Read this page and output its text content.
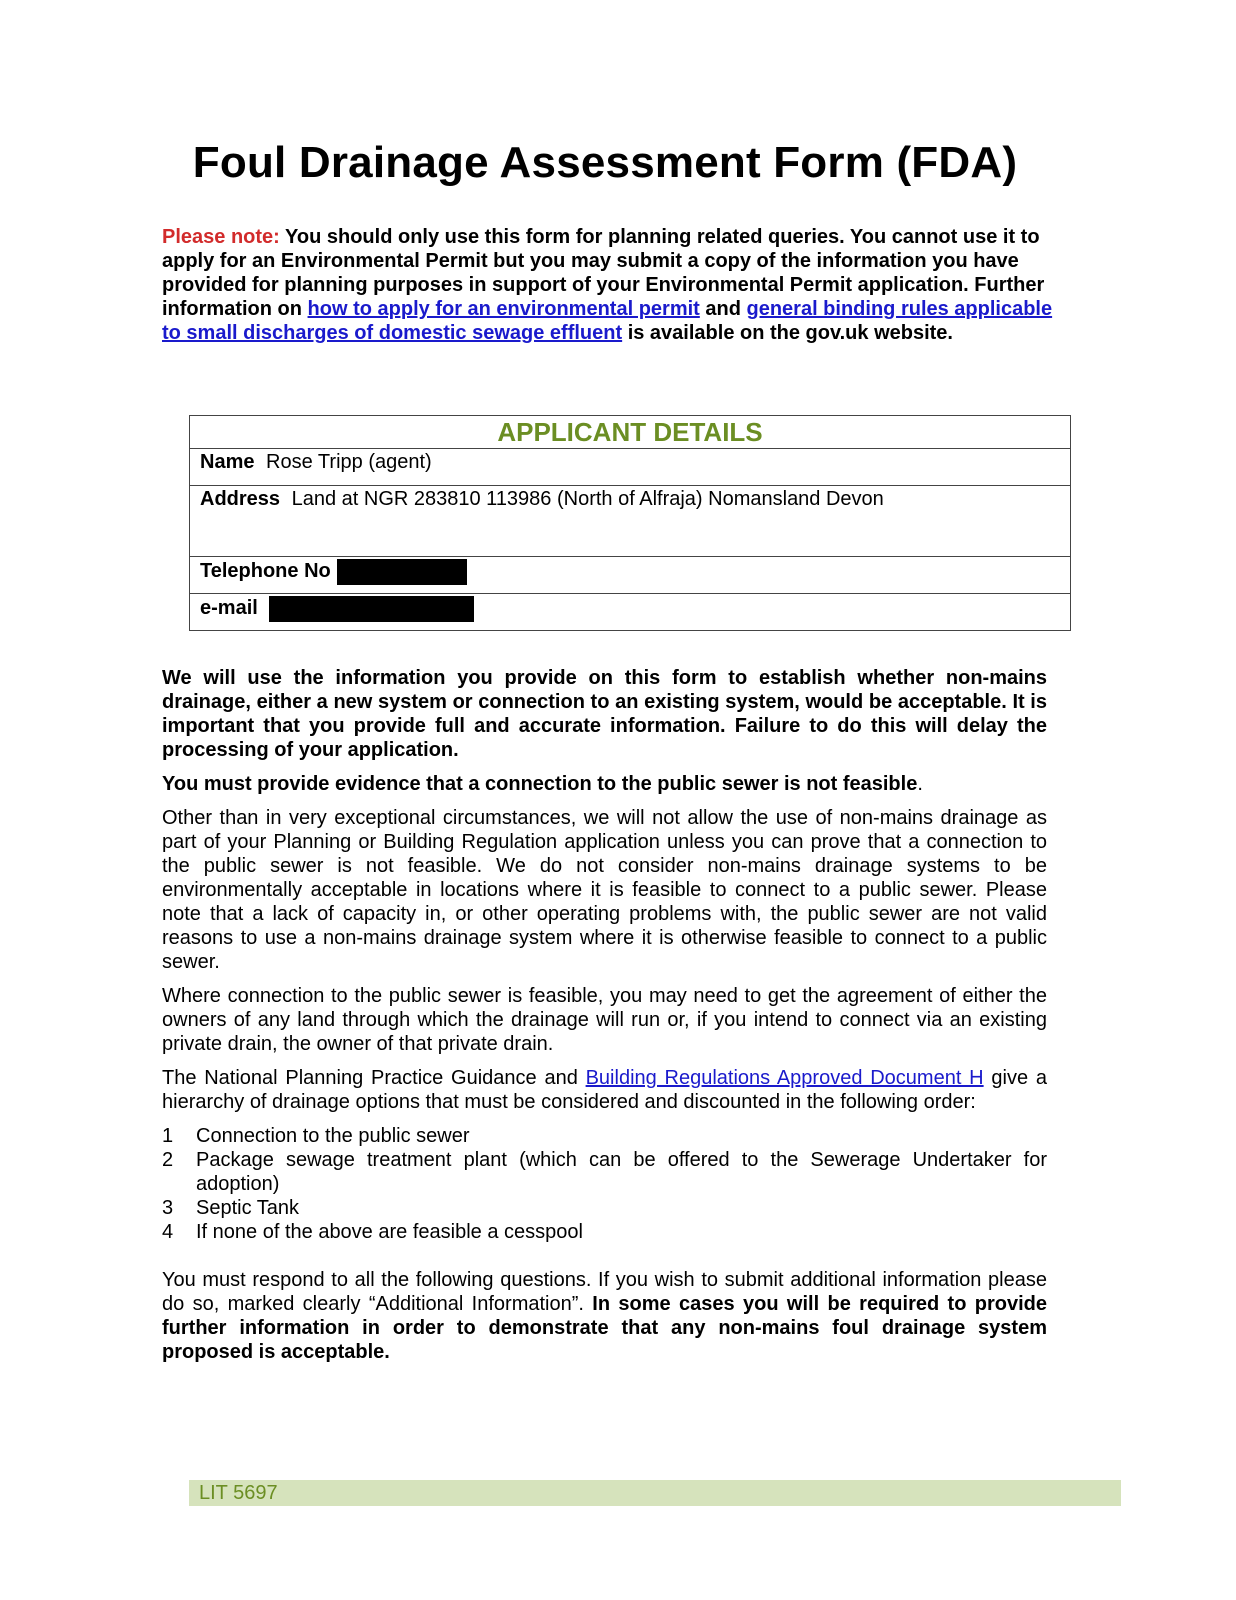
Foul Drainage Assessment Form (FDA)

Please note: You should only use this form for planning related queries. You cannot use it to apply for an Environmental Permit but you may submit a copy of the information you have provided for planning purposes in support of your Environmental Permit application. Further information on how to apply for an environmental permit and general binding rules applicable to small discharges of domestic sewage effluent is available on the gov.uk website.

APPLICANT DETAILS
Name Rose Tripp (agent)
Address Land at NGR 283810 113986 (North of Alfraja) Nomansland Devon
Telephone No
e-mail

We will use the information you provide on this form to establish whether non-mains drainage, either a new system or connection to an existing system, would be acceptable. It is important that you provide full and accurate information. Failure to do this will delay the processing of your application.

You must provide evidence that a connection to the public sewer is not feasible.

Other than in very exceptional circumstances, we will not allow the use of non-mains drainage as part of your Planning or Building Regulation application unless you can prove that a connection to the public sewer is not feasible. We do not consider non-mains drainage systems to be environmentally acceptable in locations where it is feasible to connect to a public sewer. Please note that a lack of capacity in, or other operating problems with, the public sewer are not valid reasons to use a non-mains drainage system where it is otherwise feasible to connect to a public sewer.

Where connection to the public sewer is feasible, you may need to get the agreement of either the owners of any land through which the drainage will run or, if you intend to connect via an existing private drain, the owner of that private drain.

The National Planning Practice Guidance and Building Regulations Approved Document H give a hierarchy of drainage options that must be considered and discounted in the following order:

1	Connection to the public sewer
2	Package sewage treatment plant (which can be offered to the Sewerage Undertaker for adoption)
3	Septic Tank
4	If none of the above are feasible a cesspool

You must respond to all the following questions. If you wish to submit additional information please do so, marked clearly “Additional Information”. In some cases you will be required to provide further information in order to demonstrate that any non-mains foul drainage system proposed is acceptable.

LIT 5697
